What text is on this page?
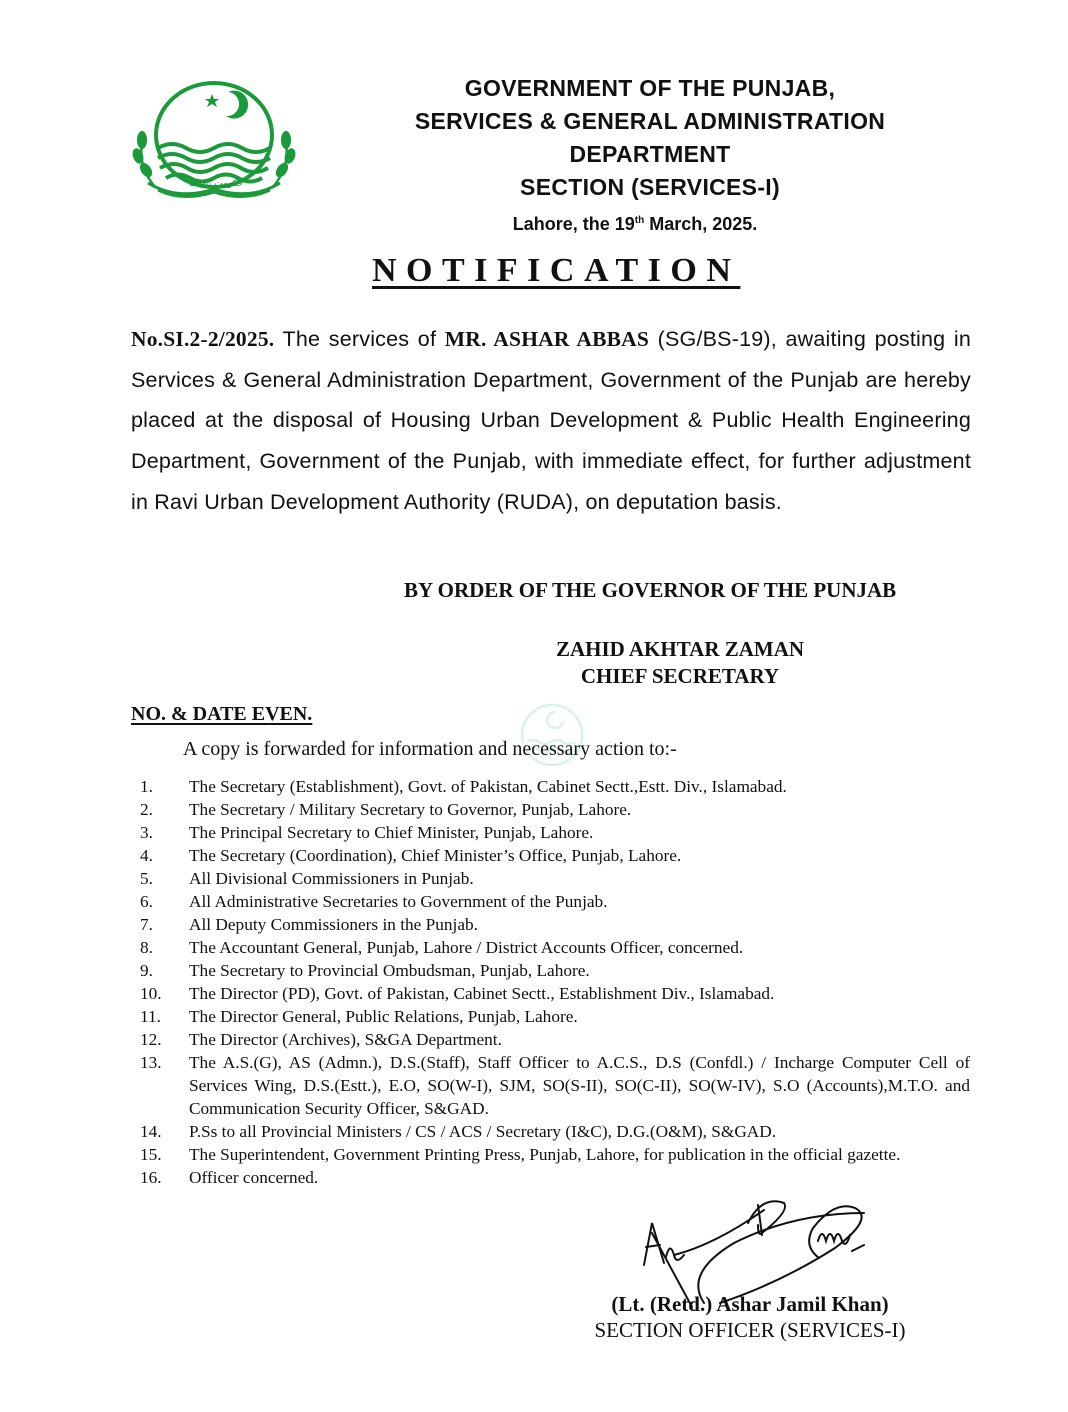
حکومت پنجاب
GOVERNMENT OF THE PUNJAB,
SERVICES & GENERAL ADMINISTRATION
DEPARTMENT
SECTION (SERVICES-I)
Lahore, the 19th March, 2025.
NOTIFICATION
No.SI.2-2/2025. The services of MR. ASHAR ABBAS (SG/BS-19), awaiting posting in Services & General Administration Department, Government of the Punjab are hereby placed at the disposal of Housing Urban Development & Public Health Engineering Department, Government of the Punjab, with immediate effect, for further adjustment in Ravi Urban Development Authority (RUDA), on deputation basis.
BY ORDER OF THE GOVERNOR OF THE PUNJAB
ZAHID AKHTAR ZAMAN
CHIEF SECRETARY
NO. & DATE EVEN.
A copy is forwarded for information and necessary action to:-
1.	The Secretary (Establishment), Govt. of Pakistan, Cabinet Sectt.,Estt. Div., Islamabad.
2.	The Secretary / Military Secretary to Governor, Punjab, Lahore.
3.	The Principal Secretary to Chief Minister, Punjab, Lahore.
4.	The Secretary (Coordination), Chief Minister’s Office, Punjab, Lahore.
5.	All Divisional Commissioners in Punjab.
6.	All Administrative Secretaries to Government of the Punjab.
7.	All Deputy Commissioners in the Punjab.
8.	The Accountant General, Punjab, Lahore / District Accounts Officer, concerned.
9.	The Secretary to Provincial Ombudsman, Punjab, Lahore.
10.	The Director (PD), Govt. of Pakistan, Cabinet Sectt., Establishment Div., Islamabad.
11.	The Director General, Public Relations, Punjab, Lahore.
12.	The Director (Archives), S&GA Department.
13.	The A.S.(G), AS (Admn.), D.S.(Staff), Staff Officer to A.C.S., D.S (Confdl.) / Incharge Computer Cell of Services Wing, D.S.(Estt.), E.O, SO(W-I), SJM, SO(S-II), SO(C-II), SO(W-IV), S.O (Accounts),M.T.O. and Communication Security Officer, S&GAD.
14.	P.Ss to all Provincial Ministers / CS / ACS / Secretary (I&C), D.G.(O&M), S&GAD.
15.	The Superintendent, Government Printing Press, Punjab, Lahore, for publication in the official gazette.
16.	Officer concerned.
(Lt. (Retd.) Ashar Jamil Khan)
SECTION OFFICER (SERVICES-I)
